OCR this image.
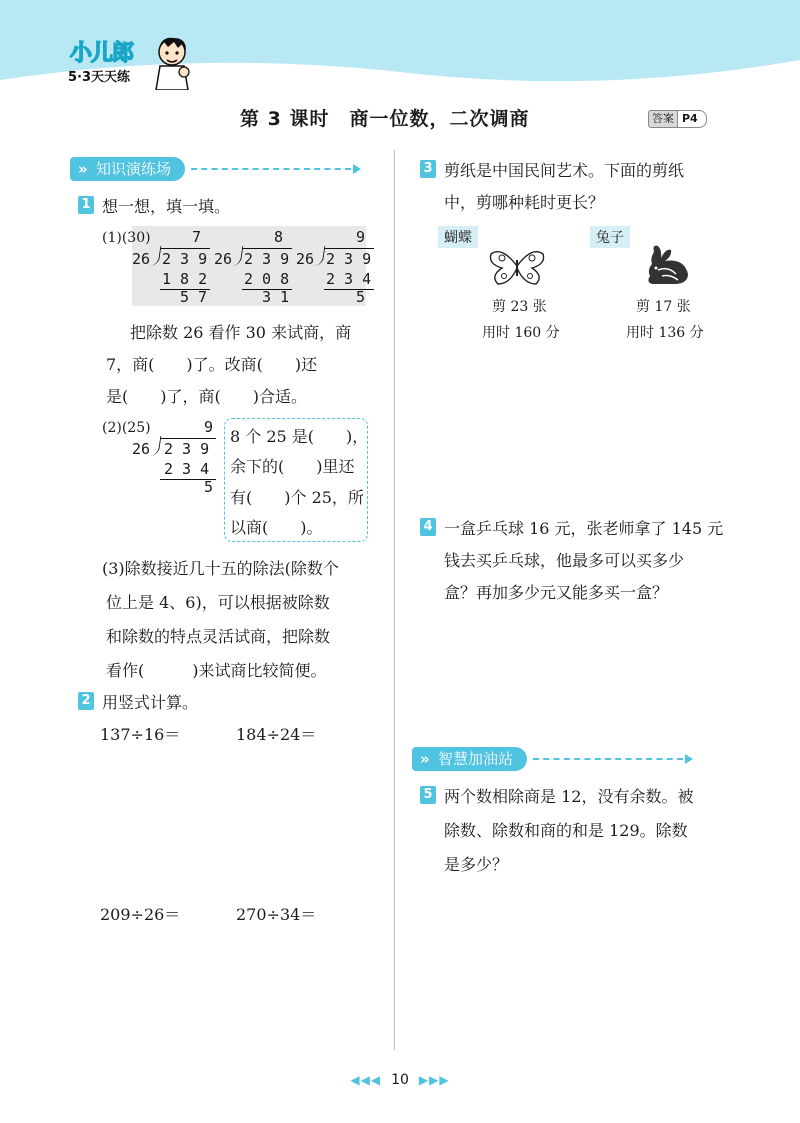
小儿郎
5·3天天练
第 3 课时　商一位数，二次调商	答案 P4
» 知识演练场
1 想一想，填一填。
(1)(30)	7
26 2 3 9
1 8 2
5 7
8
26 2 3 9
2 0 8
3 1
9
26 2 3 9
2 3 4
5
把除数 26 看作 30 来试商，商
7，商(　　)了。改商(　　)还
是(　　)了，商(　　)合适。
(2)(25)	9
26 2 3 9
2 3 4
5
8 个 25 是(　　)，
余下的(　　)里还
有(　　)个 25，所
以商(　　)。
(3)除数接近几十五的除法(除数个
位上是 4、6)，可以根据被除数
和除数的特点灵活试商，把除数
看作(　　　)来试商比较简便。
2 用竖式计算。
137÷16＝	184÷24＝
209÷26＝	270÷34＝
3 剪纸是中国民间艺术。下面的剪纸
中，剪哪种耗时更长？
蝴蝶	兔子
剪 23 张
用时 160 分
剪 17 张
用时 136 分
4 一盒乒乓球 16 元，张老师拿了 145 元
钱去买乒乓球，他最多可以买多少
盒？再加多少元又能多买一盒？
» 智慧加油站
5 两个数相除商是 12，没有余数。被
除数、除数和商的和是 129。除数
是多少？
◀◀◀ 10 ▶▶▶
